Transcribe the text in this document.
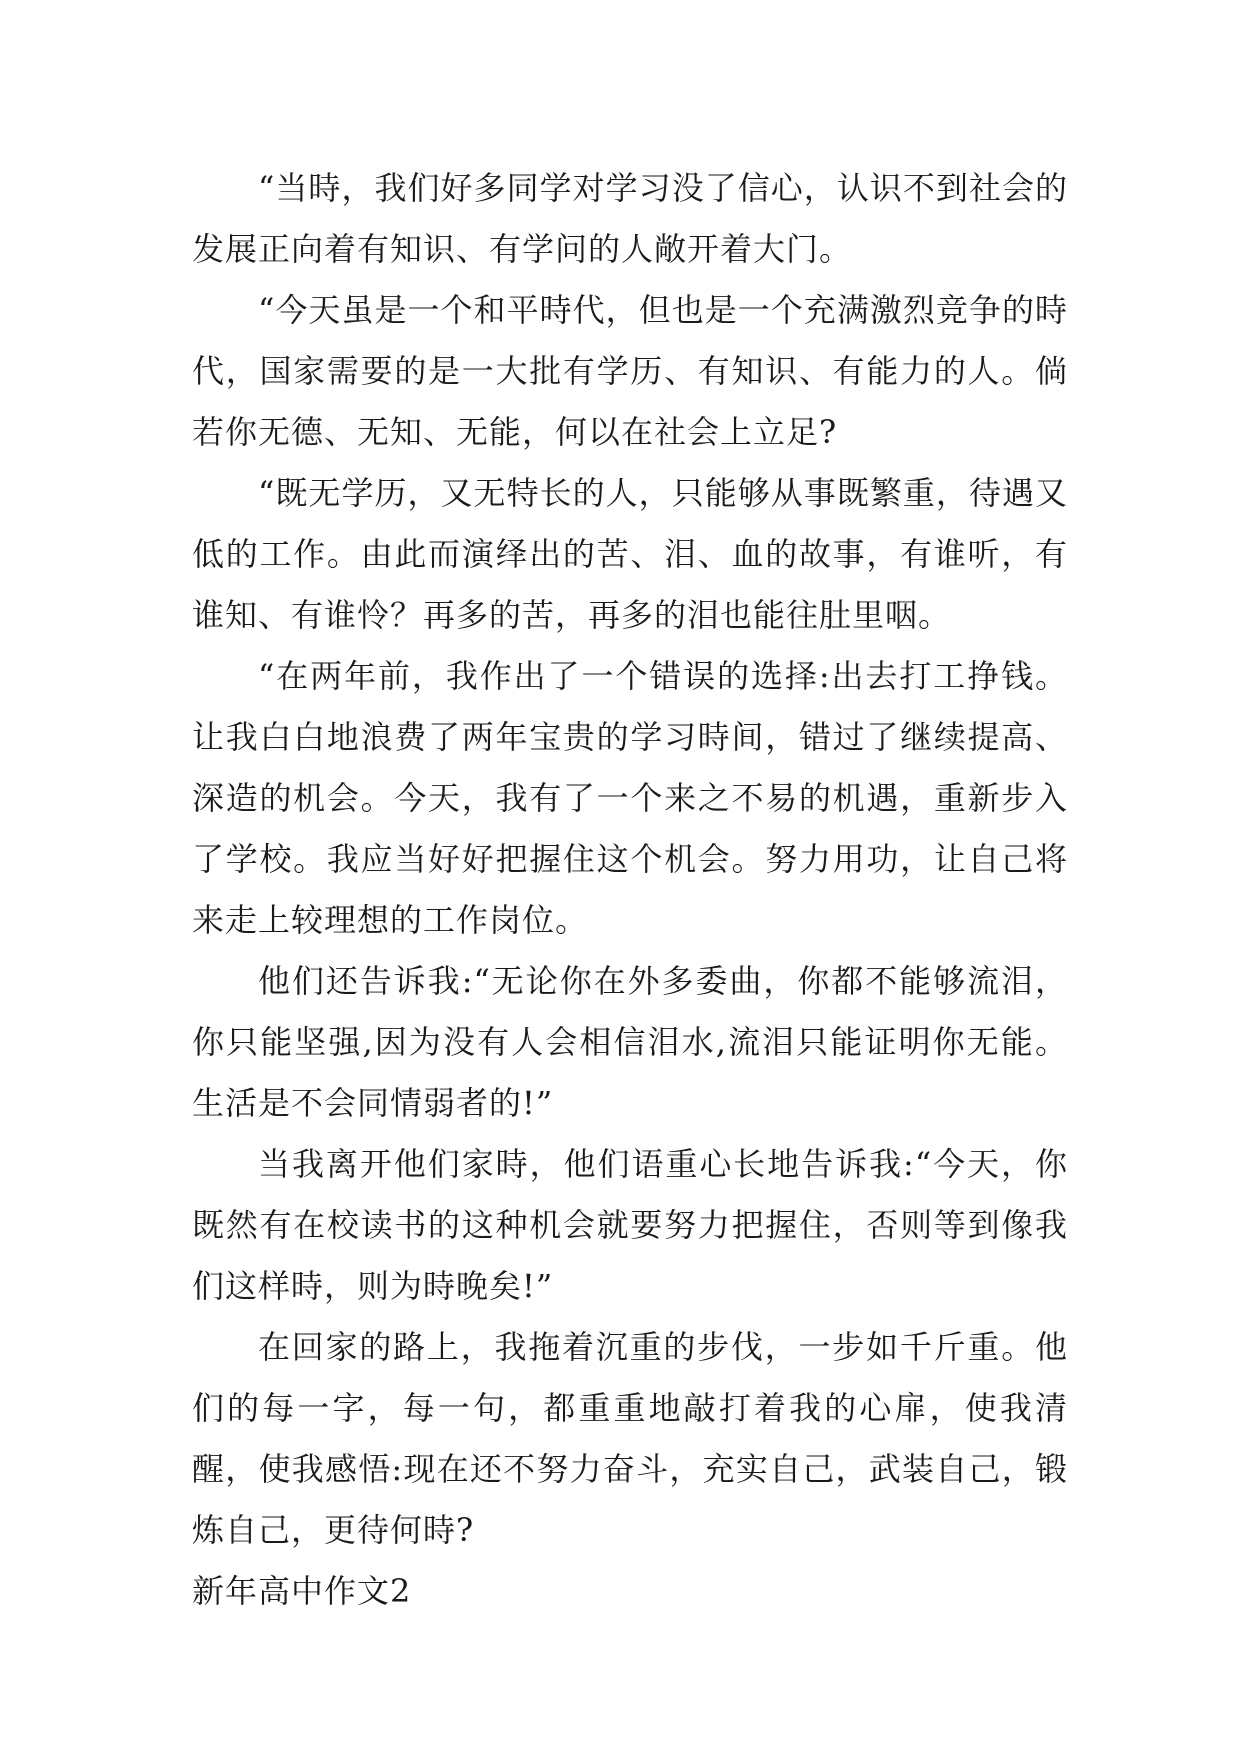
“当時，我们好多同学对学习没了信心，认识不到社会的发展正向着有知识、有学问的人敞开着大门。

“今天虽是一个和平時代，但也是一个充满激烈竞争的時代，国家需要的是一大批有学历、有知识、有能力的人。倘若你无德、无知、无能，何以在社会上立足?

“既无学历，又无特长的人，只能够从事既繁重，待遇又低的工作。由此而演绎出的苦、泪、血的故事，有谁听，有谁知、有谁怜？再多的苦，再多的泪也能往肚里咽。

“在两年前，我作出了一个错误的选择:出去打工挣钱。让我白白地浪费了两年宝贵的学习時间，错过了继续提高、深造的机会。今天，我有了一个来之不易的机遇，重新步入了学校。我应当好好把握住这个机会。努力用功，让自己将来走上较理想的工作岗位。

他们还告诉我:“无论你在外多委曲，你都不能够流泪，你只能坚强,因为没有人会相信泪水,流泪只能证明你无能。生活是不会同情弱者的!”

当我离开他们家時，他们语重心长地告诉我:“今天，你既然有在校读书的这种机会就要努力把握住，否则等到像我们这样時，则为時晚矣!”

在回家的路上，我拖着沉重的步伐，一步如千斤重。他们的每一字，每一句，都重重地敲打着我的心扉，使我清醒，使我感悟:现在还不努力奋斗，充实自己，武装自己，锻炼自己，更待何時?

新年高中作文2
